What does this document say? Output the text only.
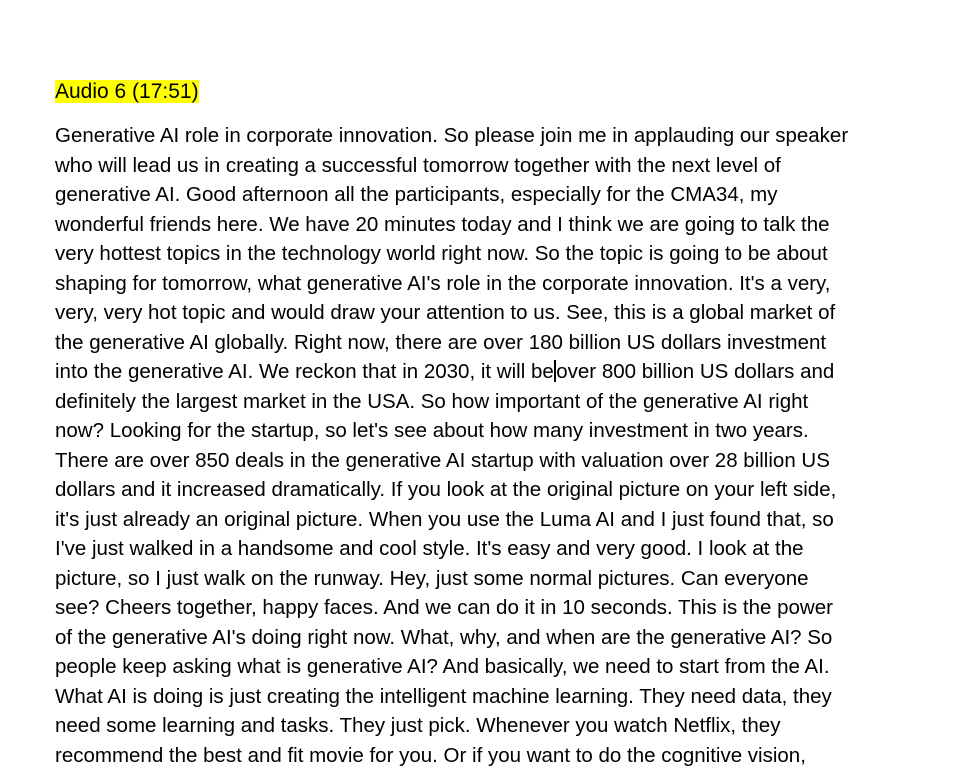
Audio 6 (17:51)

Generative AI role in corporate innovation. So please join me in applauding our speaker
who will lead us in creating a successful tomorrow together with the next level of
generative AI. Good afternoon all the participants, especially for the CMA34, my
wonderful friends here. We have 20 minutes today and I think we are going to talk the
very hottest topics in the technology world right now. So the topic is going to be about
shaping for tomorrow, what generative AI's role in the corporate innovation. It's a very,
very, very hot topic and would draw your attention to us. See, this is a global market of
the generative AI globally. Right now, there are over 180 billion US dollars investment
into the generative AI. We reckon that in 2030, it will be over 800 billion US dollars and
definitely the largest market in the USA. So how important of the generative AI right
now? Looking for the startup, so let's see about how many investment in two years.
There are over 850 deals in the generative AI startup with valuation over 28 billion US
dollars and it increased dramatically. If you look at the original picture on your left side,
it's just already an original picture. When you use the Luma AI and I just found that, so
I've just walked in a handsome and cool style. It's easy and very good. I look at the
picture, so I just walk on the runway. Hey, just some normal pictures. Can everyone
see? Cheers together, happy faces. And we can do it in 10 seconds. This is the power
of the generative AI's doing right now. What, why, and when are the generative AI? So
people keep asking what is generative AI? And basically, we need to start from the AI.
What AI is doing is just creating the intelligent machine learning. They need data, they
need some learning and tasks. They just pick. Whenever you watch Netflix, they
recommend the best and fit movie for you. Or if you want to do the cognitive vision,
